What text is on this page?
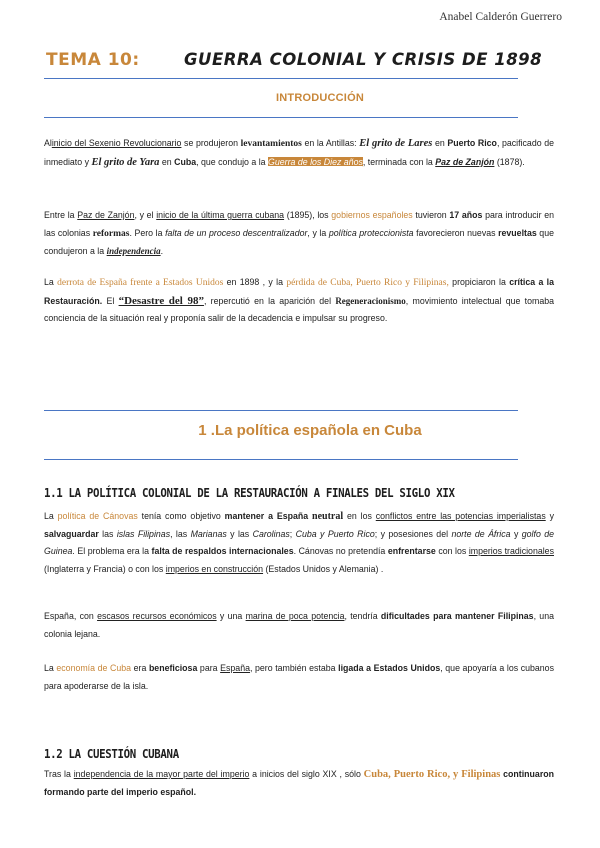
Anabel Calderón Guerrero
TEMA 10:	GUERRA COLONIAL Y CRISIS DE 1898
INTRODUCCIÓN

Alinicio del Sexenio Revolucionario se produjeron levantamientos en la Antillas: El grito de Lares en Puerto Rico, pacificado de inmediato y El grito de Yara en Cuba, que condujo a la Guerra de los Diez años, terminada con la Paz de Zanjón (1878).

Entre la Paz de Zanjón, y el inicio de la última guerra cubana (1895), los gobiernos españoles tuvieron 17 años para introducir en las colonias reformas. Pero la falta de un proceso descentralizador, y la política proteccionista favorecieron nuevas revueltas que condujeron a la independencia.

La derrota de España frente a Estados Unidos en 1898 , y la pérdida de Cuba, Puerto Rico y Filipinas, propiciaron la crítica a la Restauración. El “Desastre del 98”, repercutió en la aparición del Regeneracionismo, movimiento intelectual que tomaba conciencia de la situación real y proponía salir de la decadencia e impulsar su progreso.

1 .La política española en Cuba
1.1 LA POLÍTICA COLONIAL DE LA RESTAURACIÓN A FINALES DEL SIGLO XIX

La política de Cánovas tenía como objetivo mantener a España neutral en los conflictos entre las potencias imperialistas y salvaguardar las islas Filipinas, las Marianas y las Carolinas; Cuba y Puerto Rico; y posesiones del norte de África y golfo de Guinea. El problema era la falta de respaldos internacionales. Cánovas no pretendía enfrentarse con los imperios tradicionales (Inglaterra y Francia) o con los imperios en construcción (Estados Unidos y Alemania) .

España, con escasos recursos económicos y una marina de poca potencia, tendría dificultades para mantener Filipinas, una colonia lejana.

La economía de Cuba era beneficiosa para España, pero también estaba ligada a Estados Unidos, que apoyaría a los cubanos para apoderarse de la isla.

1.2 LA CUESTIÓN CUBANA

Tras la independencia de la mayor parte del imperio a inicios del siglo XIX , sólo Cuba, Puerto Rico, y Filipinas continuaron formando parte del imperio español.
